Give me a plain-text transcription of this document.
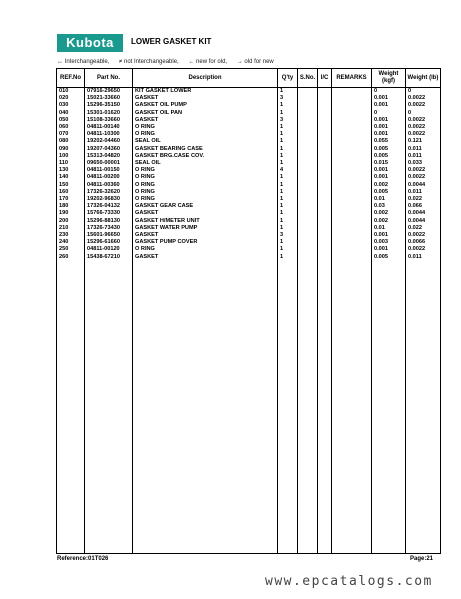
Kubota	LOWER GASKET KIT
↔ Interchangeable, ≠ not Interchangeable, ← new for old, → old for new
REF.No	Part No.	Description	Q'ty	S.No.	I/C	REMARKS	Weight (kgf)	Weight (lb)
010	07916-29650	KIT GASKET LOWER	1				0	0
020	15021-33660	GASKET	3				0.001	0.0022
030	15296-35150	GASKET OIL PUMP	1				0.001	0.0022
040	15301-01620	GASKET OIL PAN	1				0	0
050	15108-33660	GASKET	3				0.001	0.0022
060	04811-00140	O RING	1				0.001	0.0022
070	04811-10300	O RING	1				0.001	0.0022
080	19202-04460	SEAL OIL	1				0.055	0.121
090	19207-04360	GASKET BEARING CASE	1				0.005	0.011
100	15313-04820	GASKET BRG.CASE COV.	1				0.005	0.011
110	09650-00001	SEAL OIL	1				0.015	0.033
130	04811-00150	O RING	4				0.001	0.0022
140	04811-00200	O RING	1				0.001	0.0022
150	04811-00360	O RING	1				0.002	0.0044
160	17326-32620	O RING	1				0.005	0.011
170	19202-96830	O RING	1				0.01	0.022
180	17326-04132	GASKET GEAR CASE	1				0.03	0.066
190	15766-73330	GASKET	1				0.002	0.0044
200	15296-88130	GASKET H/METER UNIT	1				0.002	0.0044
210	17326-73430	GASKET WATER PUMP	1				0.01	0.022
230	15601-96650	GASKET	3				0.001	0.0022
240	15296-61660	GASKET PUMP COVER	1				0.003	0.0066
250	04811-00120	O RING	1				0.001	0.0022
260	15438-67210	GASKET	1				0.005	0.011

Reference:01T026	Page:21
www.epcatalogs.com
